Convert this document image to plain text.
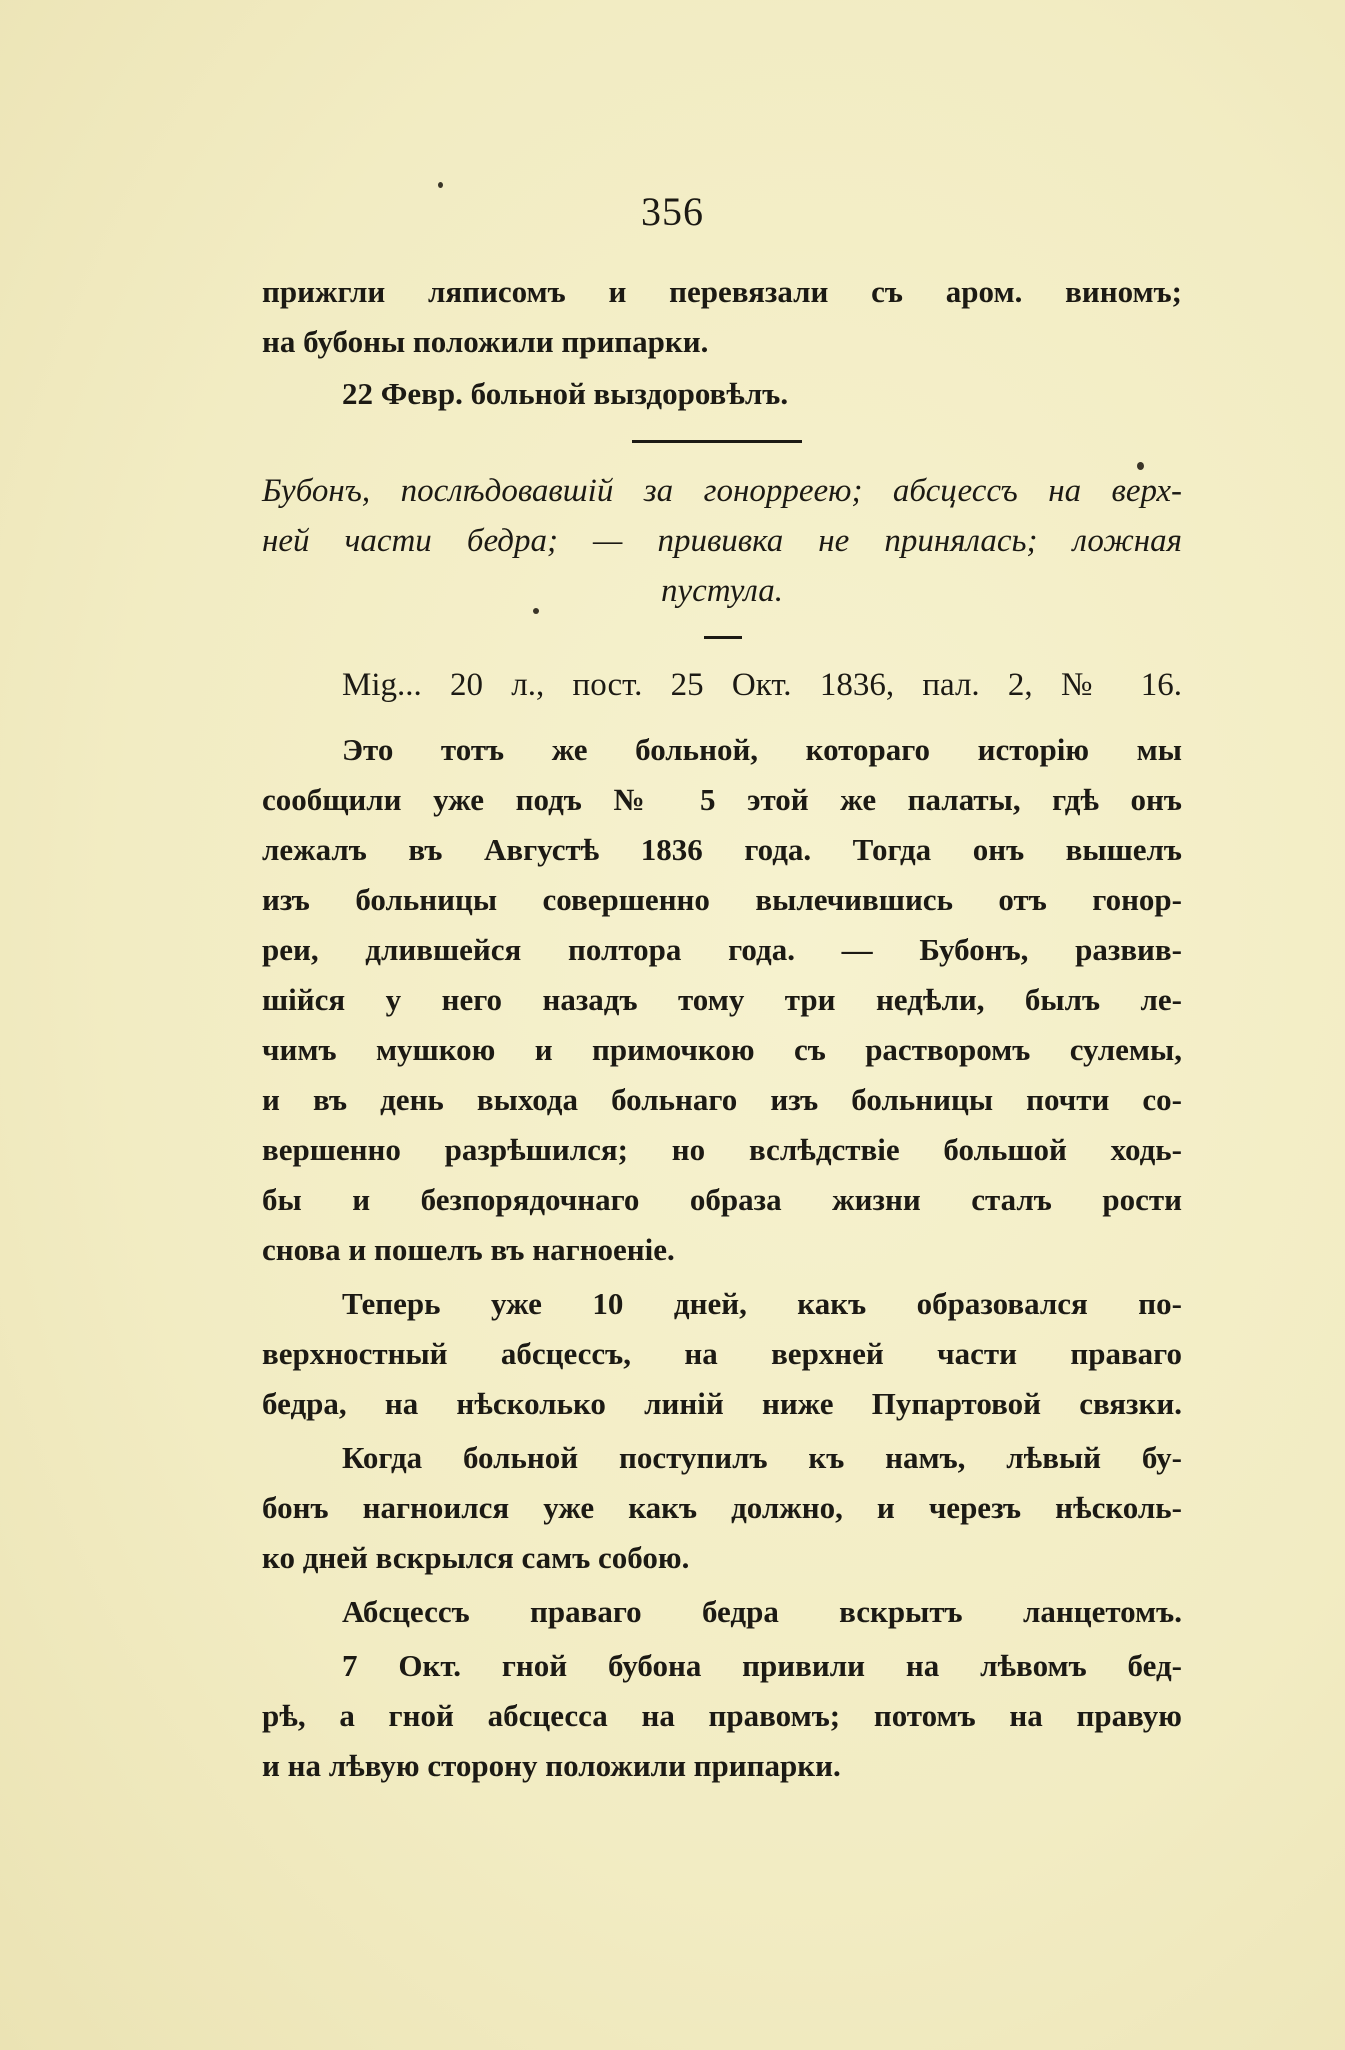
356
прижгли ляписомъ и перевязали съ аром. виномъ;
на бубоны положили припарки.
22 Февр. больной выздоровѣлъ.
Бубонъ, послѣдовавшій за гонорреею; абсцессъ на верх-
ней части бедра; — прививка не принялась; ложная
пустула.
Mig... 20 л., пост. 25 Окт. 1836, пал. 2, № 16.
Это тотъ же больной, котораго исторію мы
сообщили уже подъ № 5 этой же палаты, гдѣ онъ
лежалъ въ Августѣ 1836 года. Тогда онъ вышелъ
изъ больницы совершенно вылечившись отъ гонор-
реи, длившейся полтора года. — Бубонъ, развив-
шійся у него назадъ тому три недѣли, былъ ле-
чимъ мушкою и примочкою съ растворомъ сулемы,
и въ день выхода больнаго изъ больницы почти со-
вершенно разрѣшился; но вслѣдствіе большой ходь-
бы и безпорядочнаго образа жизни сталъ рости
снова и пошелъ въ нагноеніе.
Теперь уже 10 дней, какъ образовался по-
верхностный абсцессъ, на верхней части праваго
бедра, на нѣсколько линій ниже Пупартовой связки.
Когда больной поступилъ къ намъ, лѣвый бу-
бонъ нагноился уже какъ должно, и черезъ нѣсколь-
ко дней вскрылся самъ собою.
Абсцессъ праваго бедра вскрытъ ланцетомъ.
7 Окт. гной бубона привили на лѣвомъ бед-
рѣ, а гной абсцесса на правомъ; потомъ на правую
и на лѣвую сторону положили припарки.
